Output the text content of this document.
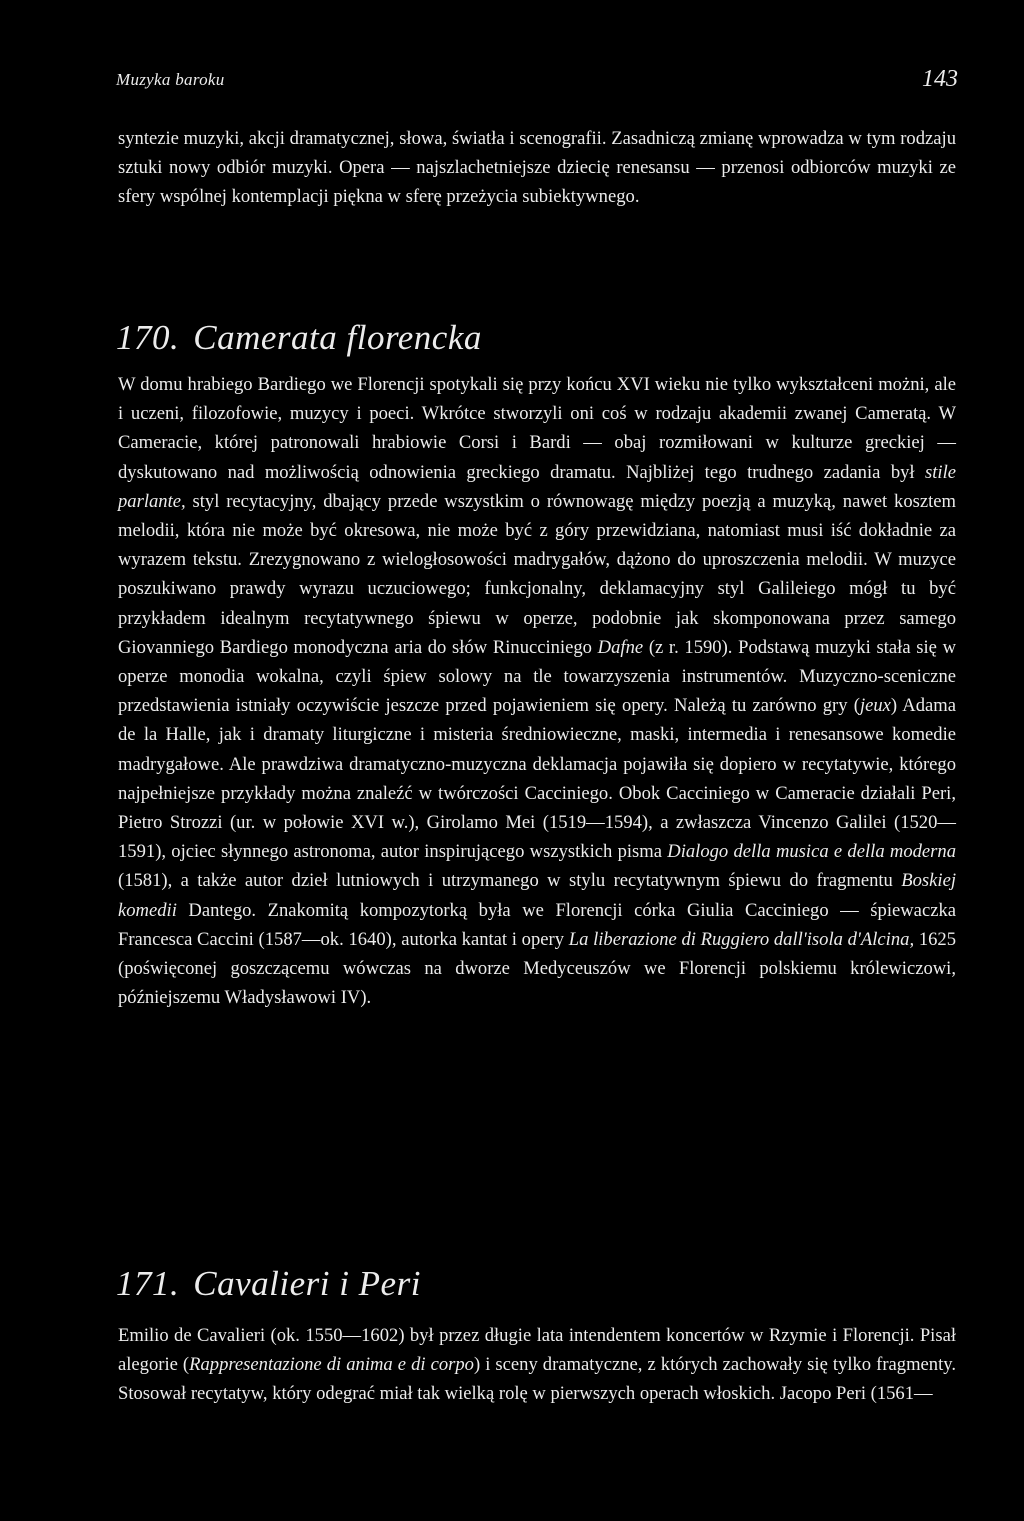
Muzyka baroku	143

syntezie muzyki, akcji dramatycznej, słowa, światła i scenografii. Zasadniczą zmianę wprowadza w tym rodzaju sztuki nowy odbiór muzyki. Opera — najszlachetniejsze dziecię renesansu — przenosi odbiorców muzyki ze sfery wspólnej kontemplacji piękna w sferę przeżycia subiektywnego.

170. Camerata florencka

W domu hrabiego Bardiego we Florencji spotykali się przy końcu XVI wieku nie tylko wykształceni możni, ale i uczeni, filozofowie, muzycy i poeci. Wkrótce stworzyli oni coś w rodzaju akademii zwanej Cameratą. W Cameracie, której patronowali hrabiowie Corsi i Bardi — obaj rozmiłowani w kulturze greckiej — dyskutowano nad możliwością odnowienia greckiego dramatu. Najbliżej tego trudnego zadania był stile parlante, styl recytacyjny, dbający przede wszystkim o równowagę między poezją a muzyką, nawet kosztem melodii, która nie może być okresowa, nie może być z góry przewidziana, natomiast musi iść dokładnie za wyrazem tekstu. Zrezygnowano z wielogłosowości madrygałów, dążono do uproszczenia melodii. W muzyce poszukiwano prawdy wyrazu uczuciowego; funkcjonalny, deklamacyjny styl Galileiego mógł tu być przykładem idealnym recytatywnego śpiewu w operze, podobnie jak skomponowana przez samego Giovanniego Bardiego monodyczna aria do słów Rinucciniego Dafne (z r. 1590). Podstawą muzyki stała się w operze monodia wokalna, czyli śpiew solowy na tle towarzyszenia instrumentów. Muzyczno-sceniczne przedstawienia istniały oczywiście jeszcze przed pojawieniem się opery. Należą tu zarówno gry (jeux) Adama de la Halle, jak i dramaty liturgiczne i misteria średniowieczne, maski, intermedia i renesansowe komedie madrygałowe. Ale prawdziwa dramatyczno-muzyczna deklamacja pojawiła się dopiero w recytatywie, którego najpełniejsze przykłady można znaleźć w twórczości Cacciniego. Obok Cacciniego w Cameracie działali Peri, Pietro Strozzi (ur. w połowie XVI w.), Girolamo Mei (1519—1594), a zwłaszcza Vincenzo Galilei (1520—1591), ojciec słynnego astronoma, autor inspirującego wszystkich pisma Dialogo della musica e della moderna (1581), a także autor dzieł lutniowych i utrzymanego w stylu recytatywnym śpiewu do fragmentu Boskiej komedii Dantego. Znakomitą kompozytorką była we Florencji córka Giulia Cacciniego — śpiewaczka Francesca Caccini (1587—ok. 1640), autorka kantat i opery La liberazione di Ruggiero dall'isola d'Alcina, 1625 (poświęconej goszczącemu wówczas na dworze Medyceuszów we Florencji polskiemu królewiczowi, późniejszemu Władysławowi IV).

171. Cavalieri i Peri

Emilio de Cavalieri (ok. 1550—1602) był przez długie lata intendentem koncertów w Rzymie i Florencji. Pisał alegorie (Rappresentazione di anima e di corpo) i sceny dramatyczne, z których zachowały się tylko fragmenty. Stosował recytatyw, który odegrać miał tak wielką rolę w pierwszych operach włoskich. Jacopo Peri (1561—
